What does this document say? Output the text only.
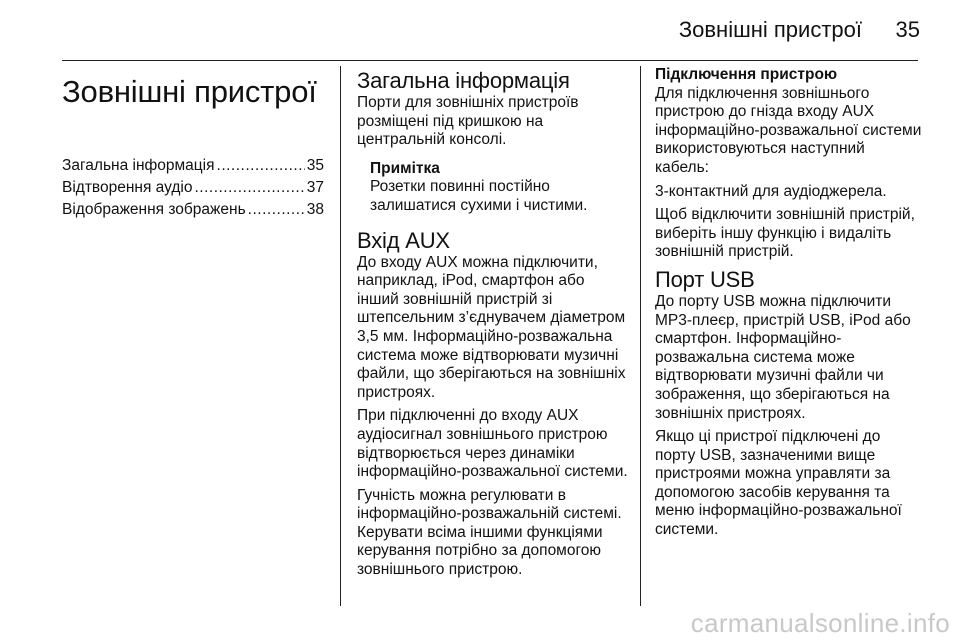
Зовнішні пристрої 35
Зовнішні пристрої
Загальна інформація .....	35
Відтворення аудіо .....	37
Відображення зображень .....	38
Загальна інформація

Порти для зовнішніх пристроїв розміщені під кришкою на центральній консолі.

Примітка

Розетки повинні постійно залишатися сухими і чистими.

Вхід AUX

До входу AUX можна підключити, наприклад, iPod, смартфон або інший зовнішній пристрій зі штепсельним з’єднувачем діаметром 3,5 мм. Інформаційно-розважальна система може відтворювати музичні файли, що зберігаються на зовнішніх пристроях.

При підключенні до входу AUX аудіосигнал зовнішнього пристрою відтворюється через динаміки інформаційно-розважальної системи.

Гучність можна регулювати в інформаційно-розважальній системі. Керувати всіма іншими функціями керування потрібно за допомогою зовнішнього пристрою.

Підключення пристрою

Для підключення зовнішнього пристрою до гнізда входу AUX інформаційно-розважальної системи використовуються наступний кабель:

3-контактний для аудіоджерела.

Щоб відключити зовнішній пристрій, виберіть іншу функцію і видаліть зовнішній пристрій.

Порт USB

До порту USB можна підключити MP3-плеєр, пристрій USB, iPod або смартфон. Інформаційно-розважальна система може відтворювати музичні файли чи зображення, що зберігаються на зовнішніх пристроях.

Якщо ці пристрої підключені до порту USB, зазначеними вище пристроями можна управляти за допомогою засобів керування та меню інформаційно-розважальної системи.

carmanualsonline.info
